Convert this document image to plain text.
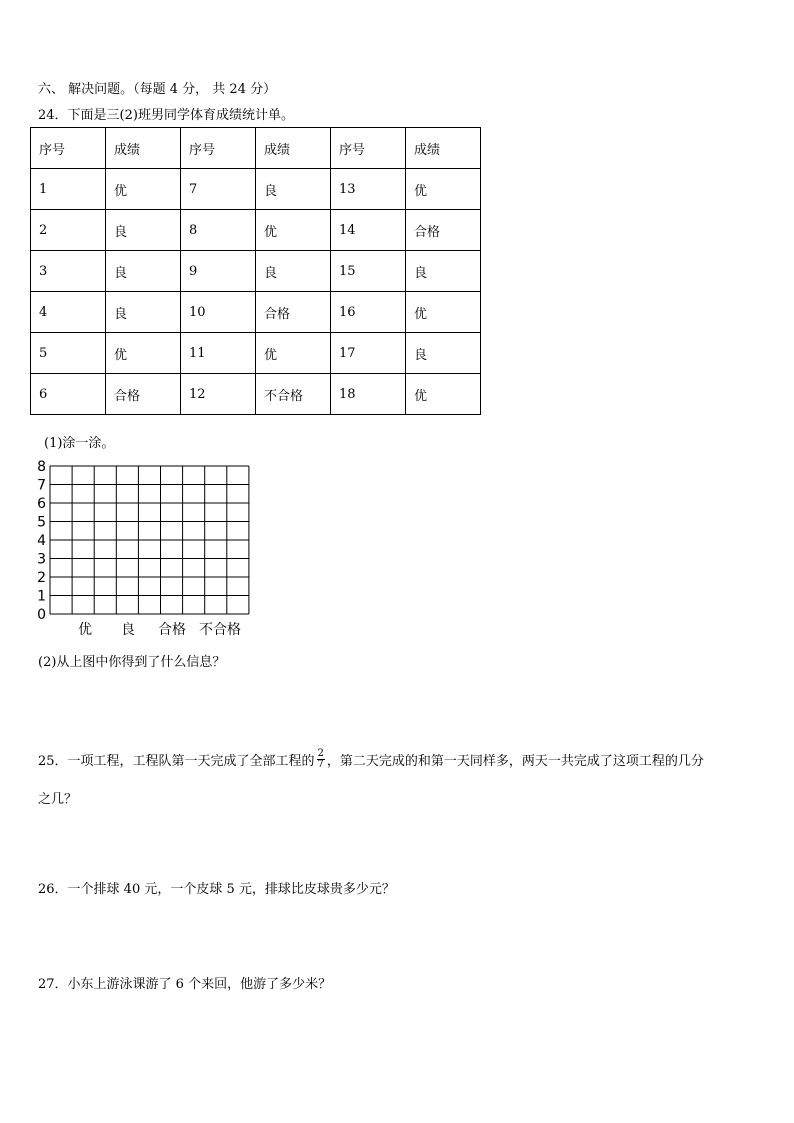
六、 解决问题。（每题 4 分， 共 24 分）
24．下面是三(2)班男同学体育成绩统计单。
序号	成绩	序号	成绩	序号	成绩
1	优	7	良	13	优
2	良	8	优	14	合格
3	良	9	良	15	良
4	良	10	合格	16	优
5	优	11	优	17	良
6	合格	12	不合格	18	优
(1)涂一涂。
0
1
2
3
4
5
6
7
8
优 良 合格 不合格
(2)从上图中你得到了什么信息？
25．一项工程，工程队第一天完成了全部工程的 $\frac{2}{7}$ ，第二天完成的和第一天同样多，两天一共完成了这项工程的几分
之几？
26．一个排球 40 元，一个皮球 5 元，排球比皮球贵多少元？
27．小东上游泳课游了 6 个来回，他游了多少米？
